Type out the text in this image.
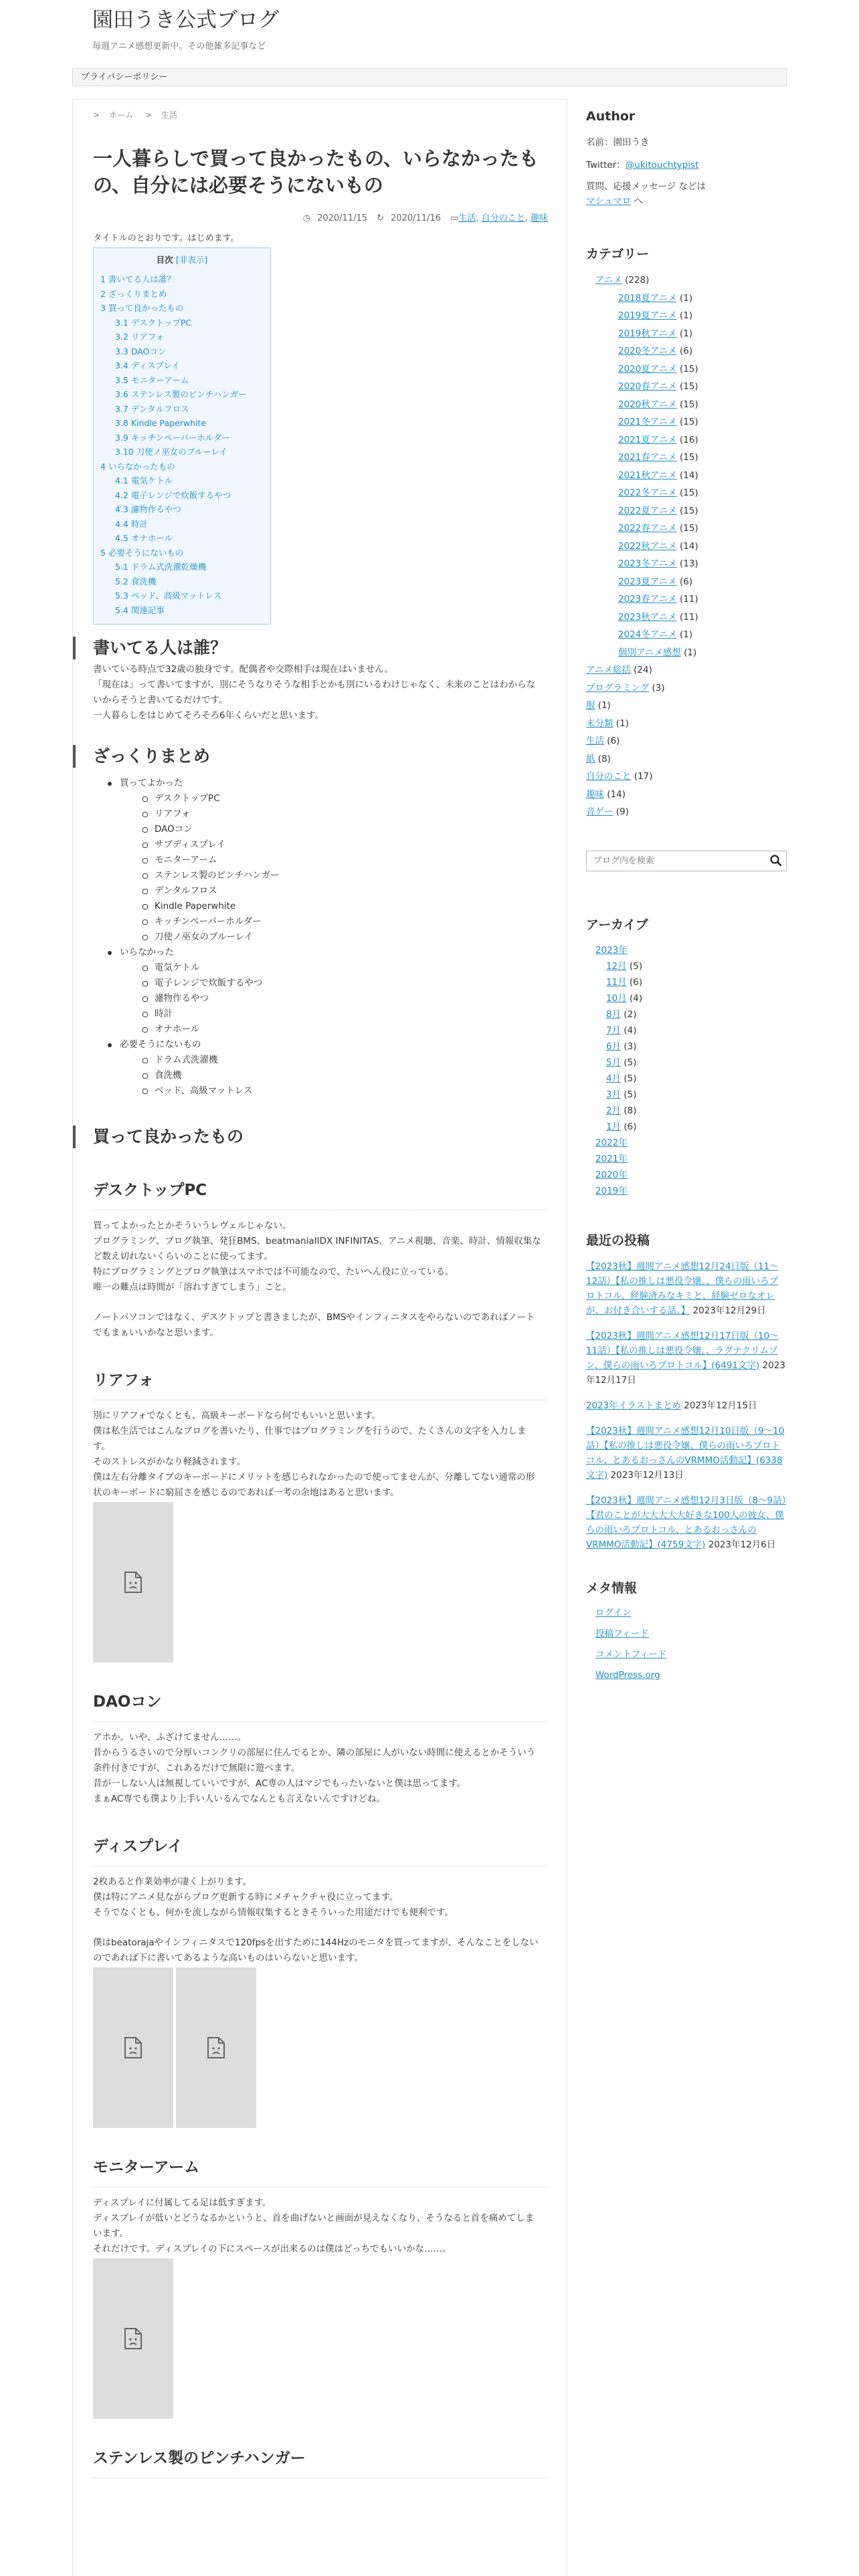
園田うき公式ブログ
毎週アニメ感想更新中。その他雑多記事など
プライバシーポリシー
> ホーム > 生活
一人暮らしで買って良かったもの、いらなかったもの、自分には必要そうにないもの
◷ 2020/11/15 ↻ 2020/11/16 ▭生活, 自分のこと, 趣味
タイトルのとおりです。はじめます。
目次 [非表示]
1 書いてる人は誰？
2 ざっくりまとめ
3 買って良かったもの
3.1 デスクトップPC
3.2 リアフォ
3.3 DAOコン
3.4 ディスプレイ
3.5 モニターアーム
3.6 ステンレス製のピンチハンガー
3.7 デンタルフロス
3.8 Kindle Paperwhite
3.9 キッチンペーパーホルダー
3.10 刀使ノ巫女のブルーレイ
4 いらなかったもの
4.1 電気ケトル
4.2 電子レンジで炊飯するやつ
4.3 濾物作るやつ
4.4 時計
4.5 オナホール
5 必要そうにないもの
5.1 ドラム式洗濯乾燥機
5.2 食洗機
5.3 ベッド、高級マットレス
5.4 関連記事
書いてる人は誰？
書いている時点で32歳の独身です。配偶者や交際相手は現在はいません。
「現在は」って書いてますが、別にそうなりそうな相手とかも別にいるわけじゃなく、未来のことはわからないからそうと書いてるだけです。
一人暮らしをはじめてそろそろ6年くらいだと思います。
ざっくりまとめ
買ってよかった
デスクトップPC
リアフォ
DAOコン
サブディスプレイ
モニターアーム
ステンレス製のピンチハンガー
デンタルフロス
Kindle Paperwhite
キッチンペーパーホルダー
刀使ノ巫女のブルーレイ
いらなかった
電気ケトル
電子レンジで炊飯するやつ
濾物作るやつ
時計
オナホール
必要そうにないもの
ドラム式洗濯機
食洗機
ベッド、高級マットレス
買って良かったもの
デスクトップPC
買ってよかったとかそういうレヴェルじゃない。
プログラミング、ブログ執筆、発狂BMS、beatmaniaIIDX INFINITAS、アニメ視聴、音楽、時計、情報収集など数え切れないくらいのことに使ってます。
特にプログラミングとブログ執筆はスマホでは不可能なので、たいへん役に立っている。
唯一の難点は時間が「溶れすぎてしまう」こと。
ノートパソコンではなく、デスクトップと書きましたが、BMSやインフィニタスをやらないのであればノートでもまぁいいかなと思います。
リアフォ
別にリアフォでなくとも、高級キーボードなら何でもいいと思います。
僕は私生活ではこんなブログを書いたり、仕事ではプログラミングを行うので、たくさんの文字を入力します。
そのストレスがかなり軽減されます。
僕は左右分離タイプのキーボードにメリットを感じられなかったので使ってませんが、分離してない通常の形状のキーボードに窮屈さを感じるのであれば一考の余地はあると思います。
DAOコン
アホか。いや、ふざけてません……。
昔からうるさいので分厚いコンクリの部屋に住んでるとか、隣の部屋に人がいない時間に使えるとかそういう条件付きですが、これあるだけで無限に遊べます。
昔が一しない人は無視していいですが、AC専の人はマジでもったいないと僕は思ってます。
まぁAC専でも僕より上手い人いるんでなんとも言えないんですけどね。
ディスプレイ
2枚あると作業効率が凄く上がります。
僕は特にアニメ見ながらブログ更新する時にメチャクチャ役に立ってます。
そうでなくとも、何かを流しながら情報収集するときそういった用途だけでも便利です。
僕はbeatorajaやインフィニタスで120fpsを出すために144Hzのモニタを買ってますが、そんなことをしないのであれば下に書いてあるような高いものはいらないと思います。
モニターアーム
ディスプレイに付属してる足は低すぎます。
ディスプレイが低いとどうなるかというと、首を曲げないと画面が見えなくなり、そうなると首を痛めてしまいます。
それだけです。ディスプレイの下にスペースが出来るのは僕はどっちでもいいかな……。
ステンレス製のピンチハンガー
Author
名前：園田うき
Twitter：@ukitouchtypist
質問、応援メッセージ などは
マシュマロ へ
カテゴリー
アニメ (228)
2018夏アニメ (1)
2019夏アニメ (1)
2019秋アニメ (1)
2020冬アニメ (6)
2020夏アニメ (15)
2020春アニメ (15)
2020秋アニメ (15)
2021冬アニメ (15)
2021夏アニメ (16)
2021春アニメ (15)
2021秋アニメ (14)
2022冬アニメ (15)
2022夏アニメ (15)
2022春アニメ (15)
2022秋アニメ (14)
2023冬アニメ (13)
2023夏アニメ (6)
2023春アニメ (11)
2023秋アニメ (11)
2024冬アニメ (1)
個別アニメ感想 (1)
アニメ総括 (24)
プログラミング (3)
服 (1)
未分類 (1)
生活 (6)
紙 (8)
自分のこと (17)
趣味 (14)
音ゲー (9)
ブログ内を検索
アーカイブ
2023年
12月 (5)
11月 (6)
10月 (4)
8月 (2)
7月 (4)
6月 (3)
5月 (5)
4月 (5)
3月 (5)
2月 (8)
1月 (6)
2022年
2021年
2020年
2019年
最近の投稿
【2023秋】週間アニメ感想12月24日版（11〜12話）【私の推しは悪役令嬢。、僕らの雨いろプロトコル、経験済みなキミと、経験ゼロなオレが、お付き合いする話。】 2023年12月29日
【2023秋】週間アニメ感想12月17日版（10〜11話）【私の推しは悪役令嬢。、ラグナクリムゾン、僕らの雨いろプロトコル】(6491文字) 2023年12月17日
2023年イラストまとめ 2023年12月15日
【2023秋】週間アニメ感想12月10日版（9〜10話）【私の推しは悪役令嬢、僕らの雨いろプロトコル、とあるおっさんのVRMMO活動記】(6338文字) 2023年12月13日
【2023秋】週間アニメ感想12月3日版（8〜9話）【君のことが大大大大大好きな100人の彼女、僕らの雨いろプロトコル、とあるおっさんのVRMMO活動記】(4759文字) 2023年12月6日
メタ情報
ログイン
投稿フィード
コメントフィード
WordPress.org
